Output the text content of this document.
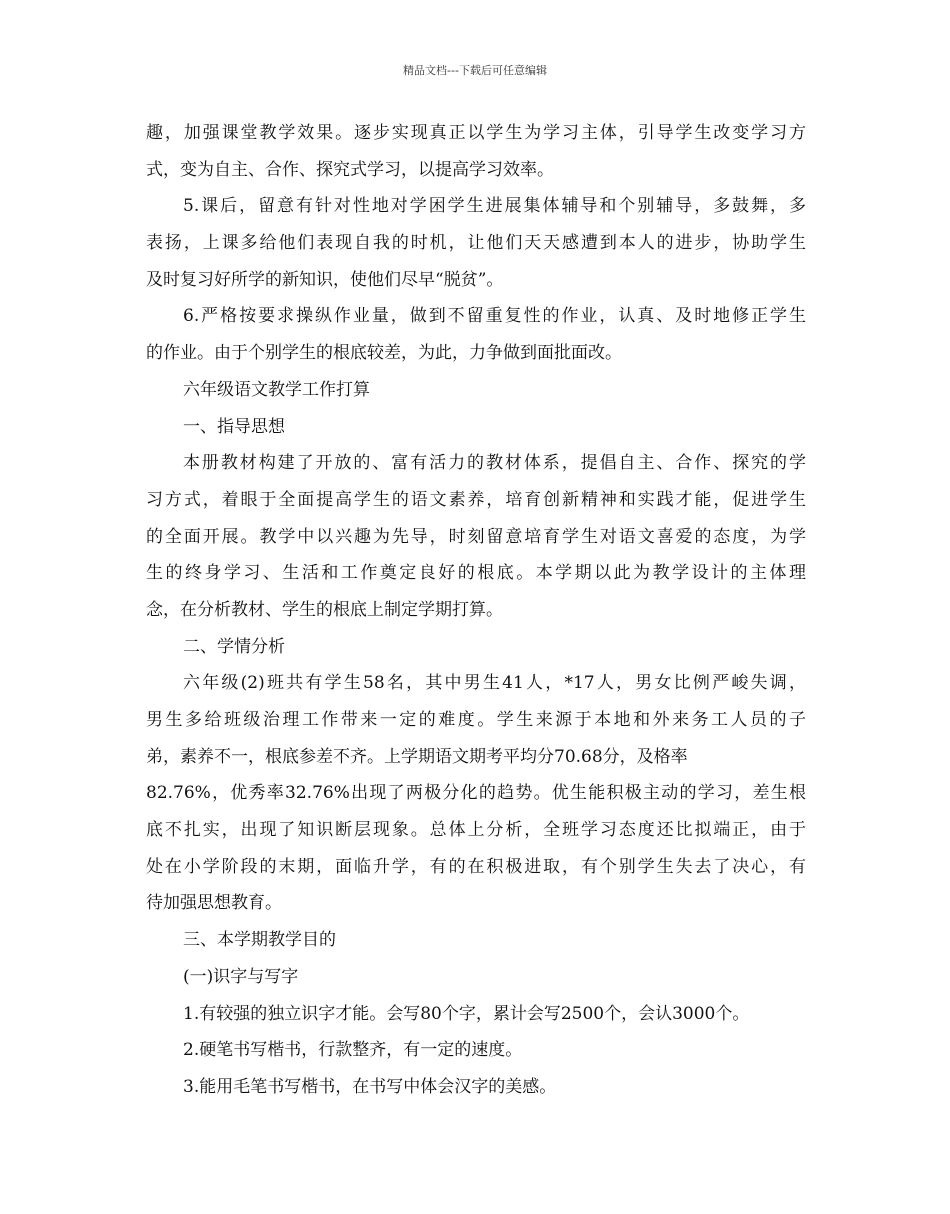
精品文档---下载后可任意编辑
趣，加强课堂教学效果。逐步实现真正以学生为学习主体，引导学生改变学习方
式，变为自主、合作、探究式学习，以提高学习效率。
5.课后，留意有针对性地对学困学生进展集体辅导和个别辅导，多鼓舞，多
表扬，上课多给他们表现自我的时机，让他们天天感遭到本人的进步，协助学生
及时复习好所学的新知识，使他们尽早“脱贫”。
6.严格按要求操纵作业量，做到不留重复性的作业，认真、及时地修正学生
的作业。由于个别学生的根底较差，为此，力争做到面批面改。
六年级语文教学工作打算
一、指导思想
本册教材构建了开放的、富有活力的教材体系，提倡自主、合作、探究的学
习方式，着眼于全面提高学生的语文素养，培育创新精神和实践才能，促进学生
的全面开展。教学中以兴趣为先导，时刻留意培育学生对语文喜爱的态度，为学
生的终身学习、生活和工作奠定良好的根底。本学期以此为教学设计的主体理
念，在分析教材、学生的根底上制定学期打算。
二、学情分析
六年级(2)班共有学生58名，其中男生41人，*17人，男女比例严峻失调，
男生多给班级治理工作带来一定的难度。学生来源于本地和外来务工人员的子
弟，素养不一，根底参差不齐。上学期语文期考平均分70.68分，及格率
82.76%，优秀率32.76%出现了两极分化的趋势。优生能积极主动的学习，差生根
底不扎实，出现了知识断层现象。总体上分析，全班学习态度还比拟端正，由于
处在小学阶段的末期，面临升学，有的在积极进取，有个别学生失去了决心，有
待加强思想教育。
三、本学期教学目的
(一)识字与写字
1.有较强的独立识字才能。会写80个字，累计会写2500个，会认3000个。
2.硬笔书写楷书，行款整齐，有一定的速度。
3.能用毛笔书写楷书，在书写中体会汉字的美感。
